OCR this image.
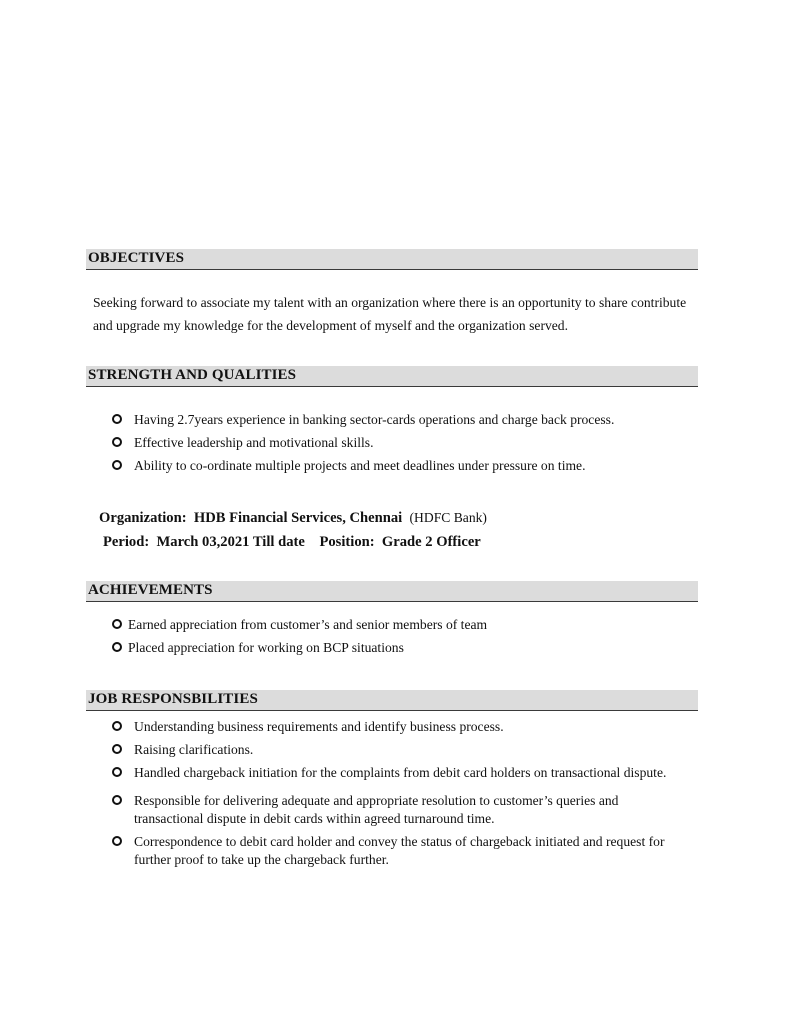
OBJECTIVES
Seeking forward to associate my talent with an organization where there is an opportunity to share contribute and upgrade my knowledge for the development of myself and the organization served.
STRENGTH AND QUALITIES
Having 2.7years experience in banking sector-cards operations and charge back process.
Effective leadership and motivational skills.
Ability to co-ordinate multiple projects and meet deadlines under pressure on time.
Organization: HDB Financial Services, Chennai (HDFC Bank)
Period: March 03,2021 Till date Position: Grade 2 Officer
ACHIEVEMENTS
Earned appreciation from customer’s and senior members of team
Placed appreciation for working on BCP situations
JOB RESPONSBILITIES
Understanding business requirements and identify business process.
Raising clarifications.
Handled chargeback initiation for the complaints from debit card holders on transactional dispute.
Responsible for delivering adequate and appropriate resolution to customer’s queries and transactional dispute in debit cards within agreed turnaround time.
Correspondence to debit card holder and convey the status of chargeback initiated and request for further proof to take up the chargeback further.
